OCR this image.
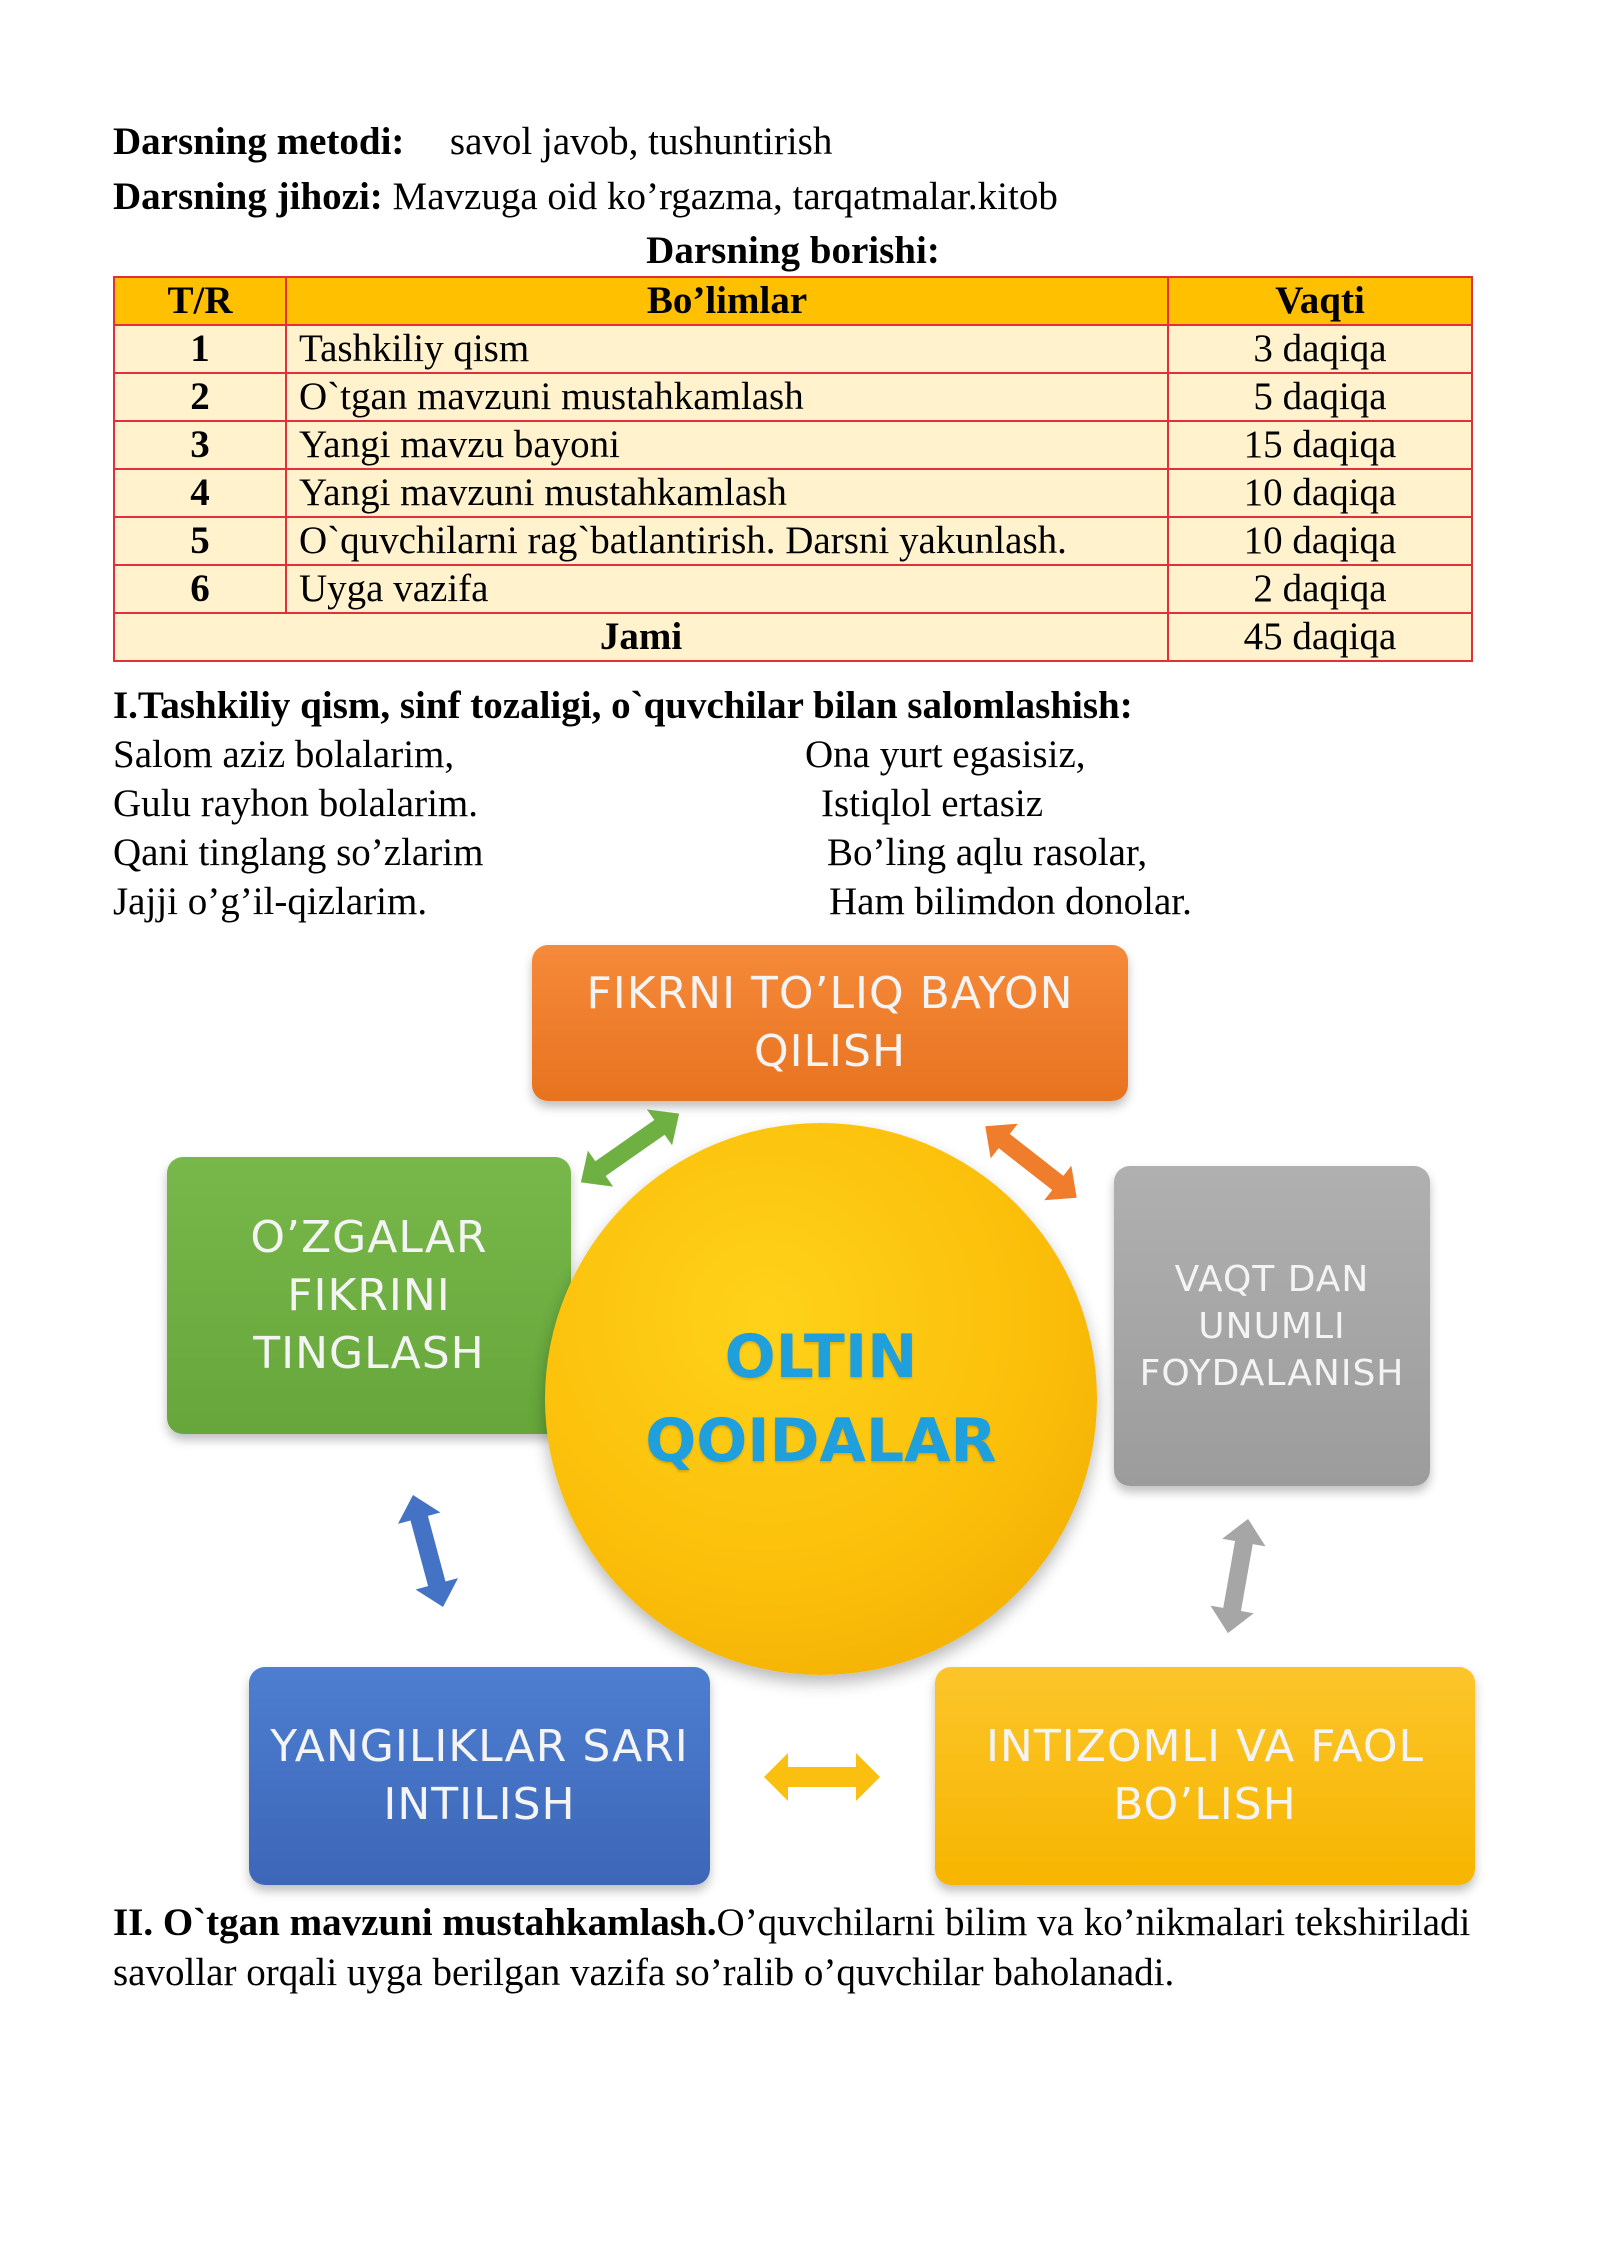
Darsning metodi: savol javob, tushuntirish
Darsning jihozi: Mavzuga oid ko’rgazma, tarqatmalar.kitob
Darsning borishi:
T/R	Bo’limlar	Vaqti
1	Tashkiliy qism	3 daqiqa
2	O`tgan mavzuni mustahkamlash	5 daqiqa
3	Yangi mavzu bayoni	15 daqiqa
4	Yangi mavzuni mustahkamlash	10 daqiqa
5	O`quvchilarni rag`batlantirish. Darsni yakunlash.	10 daqiqa
6	Uyga vazifa	2 daqiqa
Jami		45 daqiqa
I.Tashkiliy qism, sinf tozaligi, o`quvchilar bilan salomlashish:
Salom aziz bolalarim,
Gulu rayhon bolalarim.
Qani tinglang so’zlarim
Jajji o’g’il-qizlarim.
Ona yurt egasisiz,
Istiqlol ertasiz
Bo’ling aqlu rasolar,
Ham bilimdon donolar.
FIKRNI TO’LIQ BAYON
QILISH
O’ZGALAR
FIKRINI
TINGLASH
VAQT DAN
UNUMLI
FOYDALANISH
YANGILIKLAR SARI
INTILISH
INTIZOMLI VA FAOL
BO’LISH
OLTIN
QOIDALAR
II. O`tgan mavzuni mustahkamlash.O’quvchilarni bilim va ko’nikmalari tekshiriladi savollar orqali uyga berilgan vazifa so’ralib o’quvchilar baholanadi.
